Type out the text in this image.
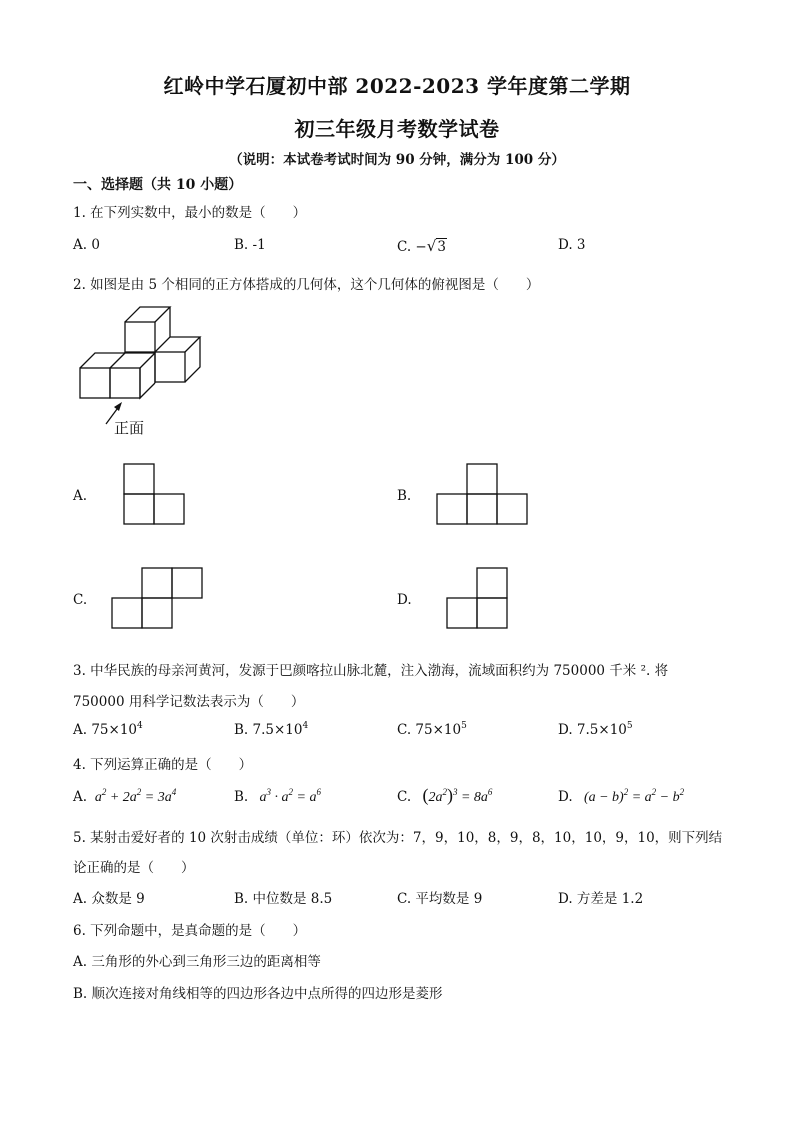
红岭中学石厦初中部 2022-2023 学年度第二学期
初三年级月考数学试卷
（说明：本试卷考试时间为 90 分钟，满分为 100 分）
一、选择题（共 10 小题）
1. 在下列实数中，最小的数是（　　）
A. 0	B. -1	C. −√3	D. 3
2. 如图是由 5 个相同的正方体搭成的几何体，这个几何体的俯视图是（　　）
正面
A.	B.
C.	D.
3. 中华民族的母亲河黄河，发源于巴颜喀拉山脉北麓，注入渤海，流域面积约为 750000 千米 ². 将
750000 用科学记数法表示为（　　）
A. $75\times 10^4$	B. $7.5\times 10^4$	C. $75\times 10^5$	D. $7.5\times 10^5$
4. 下列运算正确的是（　　）
A.  $a^2 + 2a^2 = 3a^4$	B.   $a^3 \cdot a^2 = a^6$	C. $(2a^2)^3 = 8a^6$	D.   $(a - b)^2 = a^2 - b^2$
5. 某射击爱好者的 10 次射击成绩（单位：环）依次为：7，9，10，8，9，8，10，10，9，10，则下列结
论正确的是（　　）
A. 众数是 9	B. 中位数是 8.5	C. 平均数是 9	D. 方差是 1.2
6. 下列命题中，是真命题的是（　　）
A. 三角形的外心到三角形三边的距离相等
B. 顺次连接对角线相等的四边形各边中点所得的四边形是菱形
